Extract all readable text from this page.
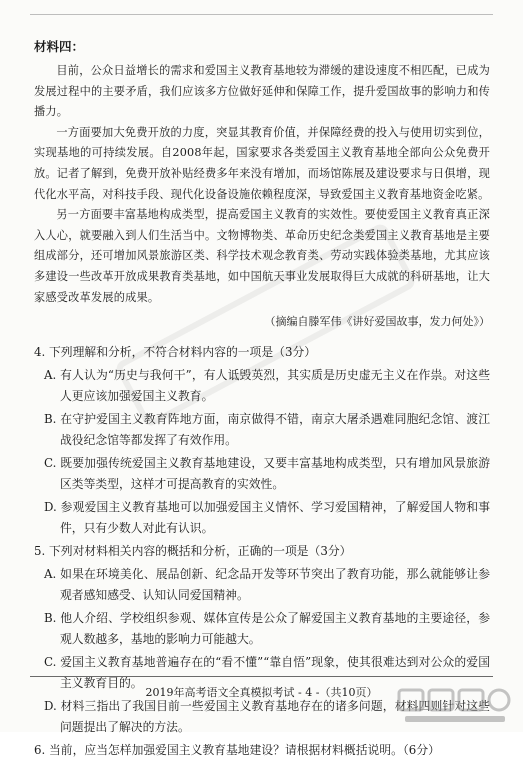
材料四：

目前，公众日益增长的需求和爱国主义教育基地较为滞缓的建设速度不相匹配，已成为发展过程中的主要矛盾，我们应该多方位做好延伸和保障工作，提升爱国故事的影响力和传播力。

一方面要加大免费开放的力度，突显其教育价值，并保障经费的投入与使用切实到位，实现基地的可持续发展。自2008年起，国家要求各类爱国主义教育基地全部向公众免费开放。记者了解到，免费开放补贴经费多年来没有增加，而场馆陈展及建设要求与日俱增，现代化水平高，对科技手段、现代化设备设施依赖程度深，导致爱国主义教育基地资金吃紧。

另一方面要丰富基地构成类型，提高爱国主义教育的实效性。要使爱国主义教育真正深入人心，就要融入到人们生活当中。文物博物类、革命历史纪念类爱国主义教育基地是主要组成部分，还可增加风景旅游区类、科学技术观念教育类、劳动实践体验类基地，尤其应该多建设一些改革开放成果教育类基地，如中国航天事业发展取得巨大成就的科研基地，让大家感受改革发展的成果。

（摘编自滕军伟《讲好爱国故事，发力何处》）
4. 下列理解和分析，不符合材料内容的一项是（3分）
A. 有人认为“历史与我何干”，有人诋毁英烈，其实质是历史虚无主义在作祟。对这些人更应该加强爱国主义教育。
B. 在守护爱国主义教育阵地方面，南京做得不错，南京大屠杀遇难同胞纪念馆、渡江战役纪念馆等都发挥了有效作用。
C. 既要加强传统爱国主义教育基地建设，又要丰富基地构成类型，只有增加风景旅游区类等类型，这样才可提高教育的实效性。
D. 参观爱国主义教育基地可以加强爱国主义情怀、学习爱国精神，了解爱国人物和事件，只有少数人对此有认识。
5. 下列对材料相关内容的概括和分析，正确的一项是（3分）
A. 如果在环境美化、展品创新、纪念品开发等环节突出了教育功能，那么就能够让参观者感知感受、认知认同爱国精神。
B. 他人介绍、学校组织参观、媒体宣传是公众了解爱国主义教育基地的主要途径，参观人数越多，基地的影响力可能越大。
C. 爱国主义教育基地普遍存在的“看不懂”“靠自悟”现象，使其很难达到对公众的爱国主义教育目的。
D. 材料三指出了我国目前一些爱国主义教育基地存在的诸多问题，材料四则针对这些问题提出了解决的方法。
6. 当前，应当怎样加强爱国主义教育基地建设？请根据材料概括说明。（6分）
2019年高考语文全真模拟考试 - 4 -（共10页）
